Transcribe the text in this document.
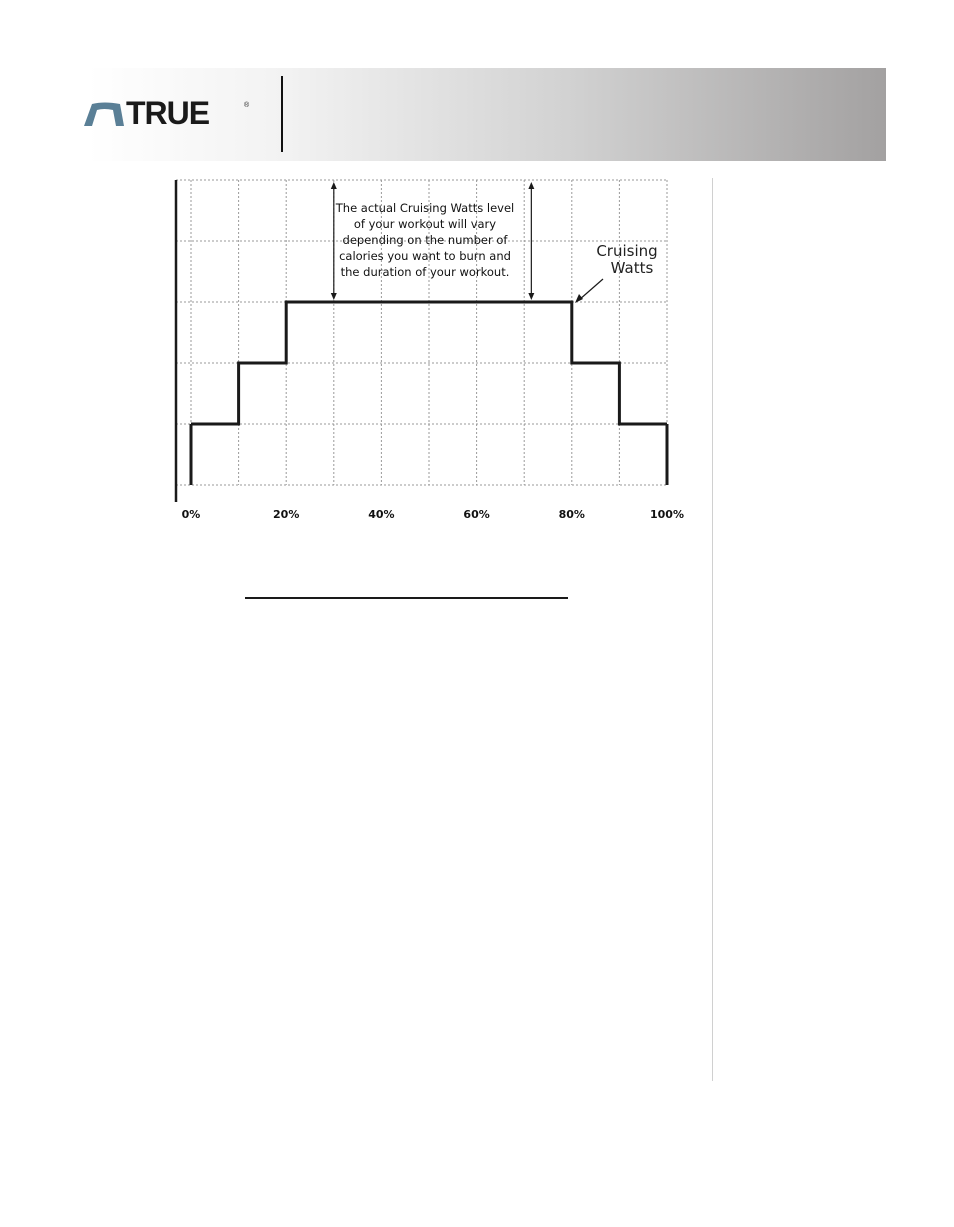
TRUE	®
0%	20%	40%	60%	80%	100%
The actual Cruising Watts level
of your workout will vary
depending on the number of
calories you want to burn and
the duration of your workout.
Cruising
Watts
